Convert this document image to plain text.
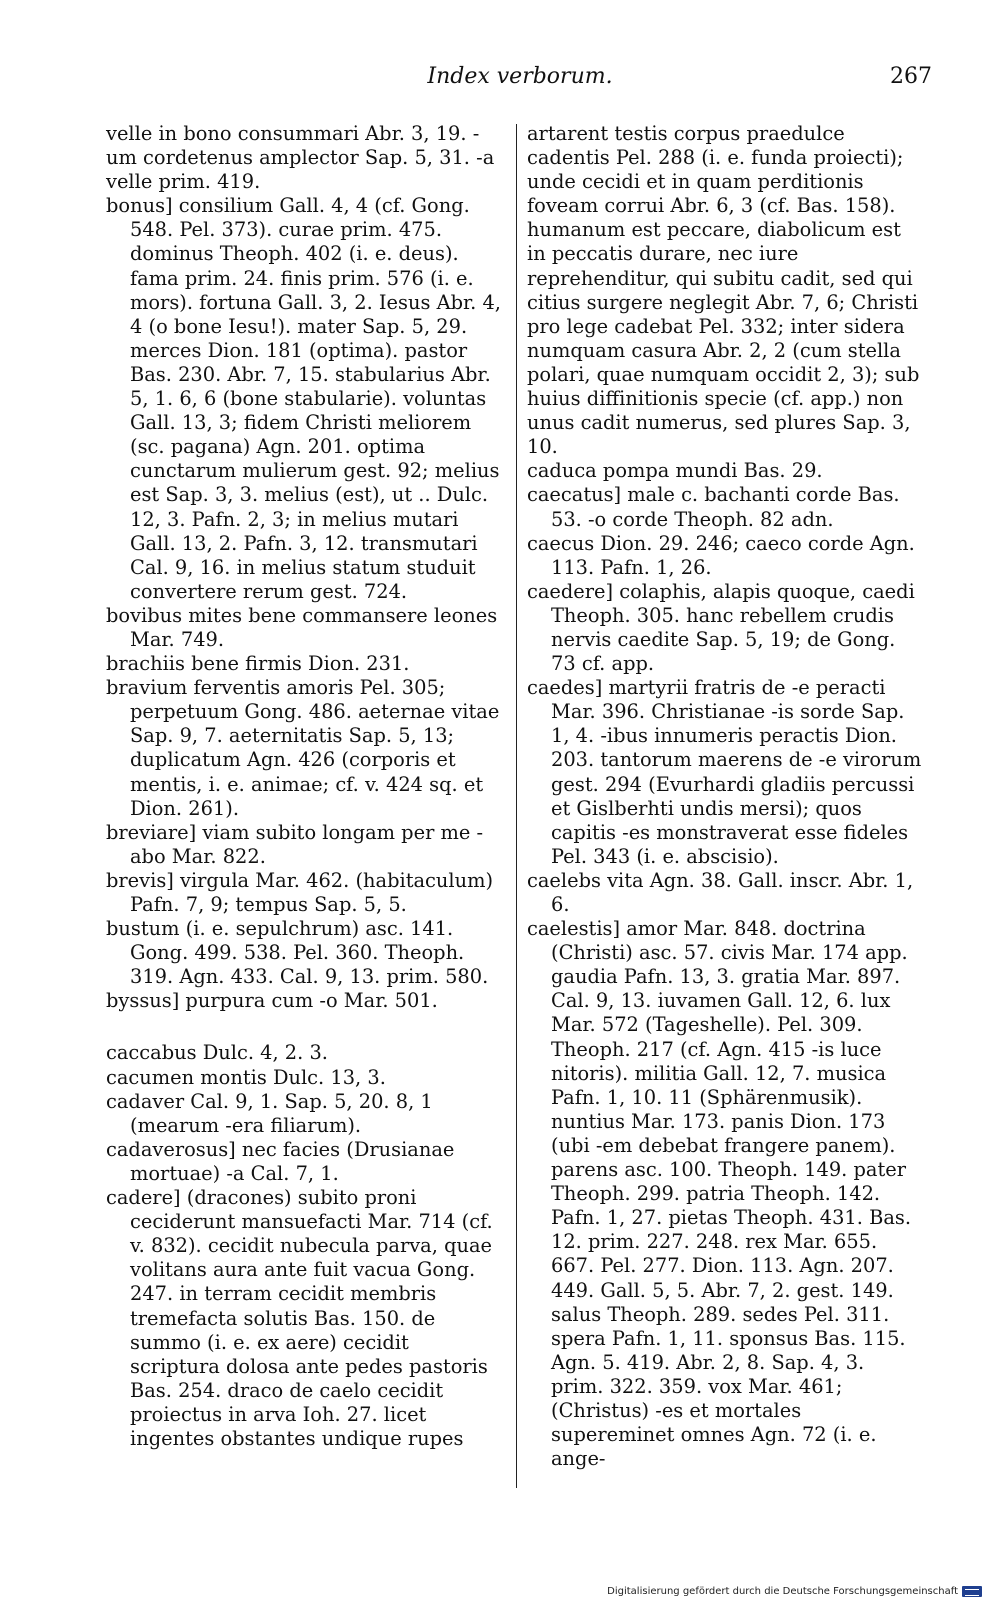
Index verborum.	267

velle in bono consummari Abr. 3, 19. -um cordetenus amplector Sap. 5, 31. -a velle prim. 419.

bonus] consilium Gall. 4, 4 (cf. Gong. 548. Pel. 373). curae prim. 475. dominus Theoph. 402 (i. e. deus). fama prim. 24. finis prim. 576 (i. e. mors). fortuna Gall. 3, 2. Iesus Abr. 4, 4 (o bone Iesu!). mater Sap. 5, 29. merces Dion. 181 (optima). pastor Bas. 230. Abr. 7, 15. stabularius Abr. 5, 1. 6, 6 (bone stabularie). voluntas Gall. 13, 3; fidem Christi meliorem (sc. pagana) Agn. 201. optima cunctarum mulierum gest. 92; melius est Sap. 3, 3. melius (est), ut .. Dulc. 12, 3. Pafn. 2, 3; in melius mutari Gall. 13, 2. Pafn. 3, 12. transmutari Cal. 9, 16. in melius statum studuit convertere rerum gest. 724.

bovibus mites bene commansere leones Mar. 749.

brachiis bene firmis Dion. 231.

bravium ferventis amoris Pel. 305; perpetuum Gong. 486. aeternae vitae Sap. 9, 7. aeternitatis Sap. 5, 13; duplicatum Agn. 426 (corporis et mentis, i. e. animae; cf. v. 424 sq. et Dion. 261).

breviare] viam subito longam per me -abo Mar. 822.

brevis] virgula Mar. 462. (habitaculum) Pafn. 7, 9; tempus Sap. 5, 5.

bustum (i. e. sepulchrum) asc. 141. Gong. 499. 538. Pel. 360. Theoph. 319. Agn. 433. Cal. 9, 13. prim. 580.

byssus] purpura cum -o Mar. 501.

caccabus Dulc. 4, 2. 3.

cacumen montis Dulc. 13, 3.

cadaver Cal. 9, 1. Sap. 5, 20. 8, 1 (mearum -era filiarum).

cadaverosus] nec facies (Drusianae mortuae) -a Cal. 7, 1.

cadere] (dracones) subito proni ceciderunt mansuefacti Mar. 714 (cf. v. 832). cecidit nubecula parva, quae volitans aura ante fuit vacua Gong. 247. in terram cecidit membris tremefacta solutis Bas. 150. de summo (i. e. ex aere) cecidit scriptura dolosa ante pedes pastoris Bas. 254. draco de caelo cecidit proiectus in arva Ioh. 27. licet ingentes obstantes undique rupes

artarent testis corpus praedulce cadentis Pel. 288 (i. e. funda proiecti); unde cecidi et in quam perditionis foveam corrui Abr. 6, 3 (cf. Bas. 158). humanum est peccare, diabolicum est in peccatis durare, nec iure reprehenditur, qui subitu cadit, sed qui citius surgere neglegit Abr. 7, 6; Christi pro lege cadebat Pel. 332; inter sidera numquam casura Abr. 2, 2 (cum stella polari, quae numquam occidit 2, 3); sub huius diffinitionis specie (cf. app.) non unus cadit numerus, sed plures Sap. 3, 10.

caduca pompa mundi Bas. 29.

caecatus] male c. bachanti corde Bas. 53. -o corde Theoph. 82 adn.

caecus Dion. 29. 246; caeco corde Agn. 113. Pafn. 1, 26.

caedere] colaphis, alapis quoque, caedi Theoph. 305. hanc rebellem crudis nervis caedite Sap. 5, 19; de Gong. 73 cf. app.

caedes] martyrii fratris de -e peracti Mar. 396. Christianae -is sorde Sap. 1, 4. -ibus innumeris peractis Dion. 203. tantorum maerens de -e virorum gest. 294 (Evurhardi gladiis percussi et Gislberhti undis mersi); quos capitis -es monstraverat esse fideles Pel. 343 (i. e. abscisio).

caelebs vita Agn. 38. Gall. inscr. Abr. 1, 6.

caelestis] amor Mar. 848. doctrina (Christi) asc. 57. civis Mar. 174 app. gaudia Pafn. 13, 3. gratia Mar. 897. Cal. 9, 13. iuvamen Gall. 12, 6. lux Mar. 572 (Tageshelle). Pel. 309. Theoph. 217 (cf. Agn. 415 -is luce nitoris). militia Gall. 12, 7. musica Pafn. 1, 10. 11 (Sphärenmusik). nuntius Mar. 173. panis Dion. 173 (ubi -em debebat frangere panem). parens asc. 100. Theoph. 149. pater Theoph. 299. patria Theoph. 142. Pafn. 1, 27. pietas Theoph. 431. Bas. 12. prim. 227. 248. rex Mar. 655. 667. Pel. 277. Dion. 113. Agn. 207. 449. Gall. 5, 5. Abr. 7, 2. gest. 149. salus Theoph. 289. sedes Pel. 311. spera Pafn. 1, 11. sponsus Bas. 115. Agn. 5. 419. Abr. 2, 8. Sap. 4, 3. prim. 322. 359. vox Mar. 461; (Christus) -es et mortales supereminet omnes Agn. 72 (i. e. ange-

Digitalisierung gefördert durch die Deutsche Forschungsgemeinschaft
